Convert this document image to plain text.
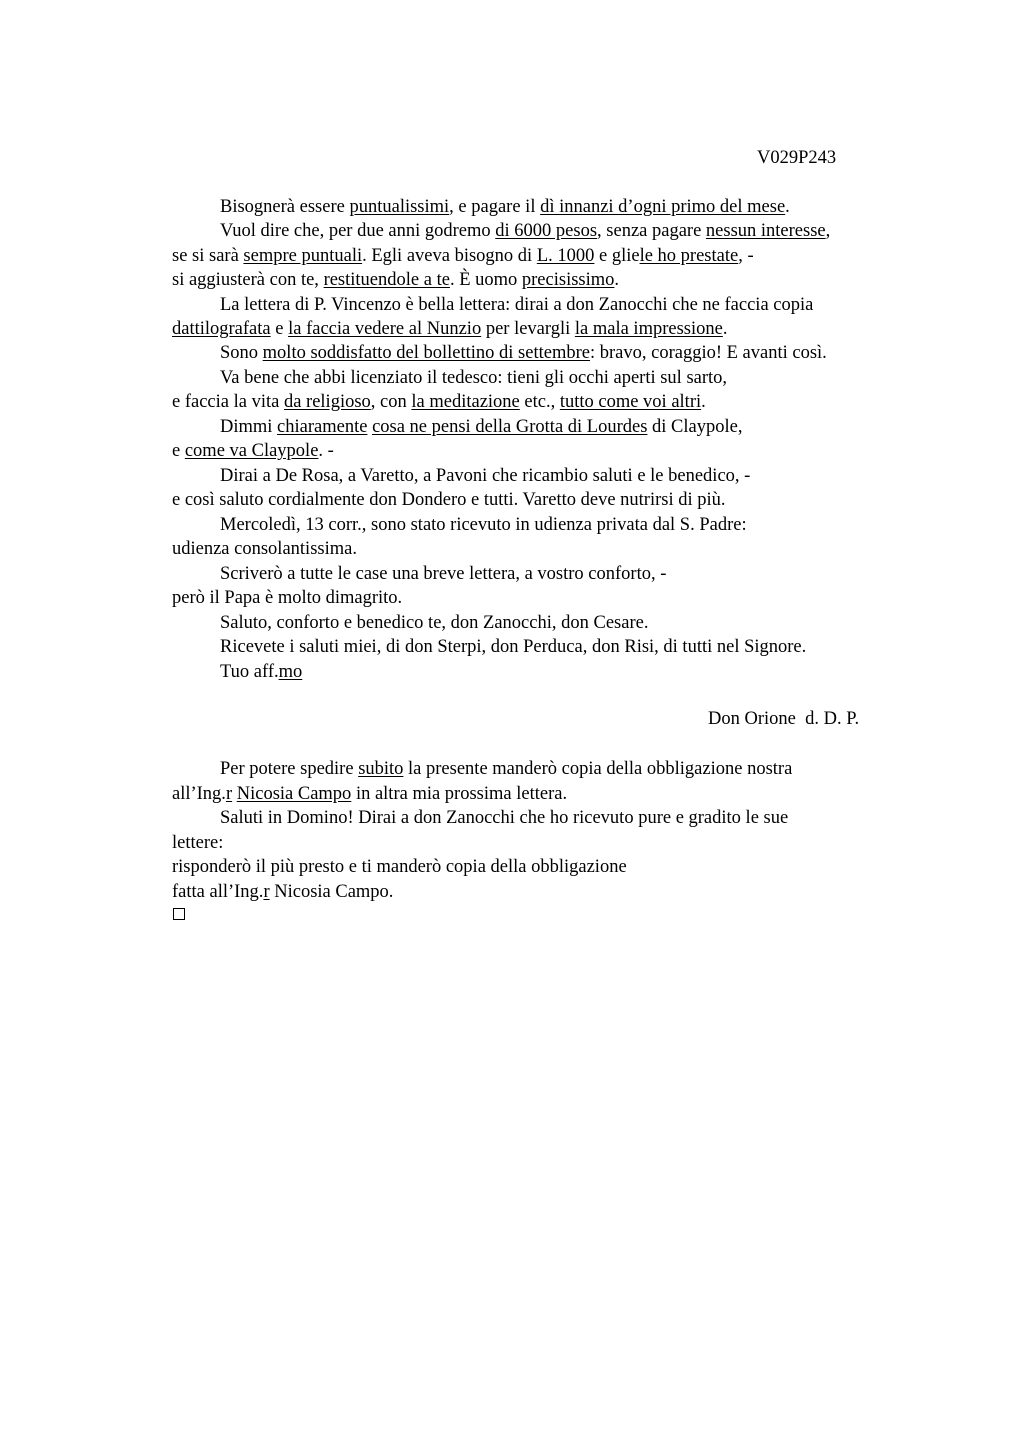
V029P243
Bisognerà essere puntualissimi, e pagare il dì innanzi d’ogni primo del mese.
Vuol dire che, per due anni godremo di 6000 pesos, senza pagare nessun interesse,
se si sarà sempre puntuali. Egli aveva bisogno di L. 1000 e gliele ho prestate, -
si aggiusterà con te, restituendole a te. È uomo precisissimo.
La lettera di P. Vincenzo è bella lettera: dirai a don Zanocchi che ne faccia copia
dattilografata e la faccia vedere al Nunzio per levargli la mala impressione.
Sono molto soddisfatto del bollettino di settembre: bravo, coraggio! E avanti così.
Va bene che abbi licenziato il tedesco: tieni gli occhi aperti sul sarto,
e faccia la vita da religioso, con la meditazione etc., tutto come voi altri.
Dimmi chiaramente cosa ne pensi della Grotta di Lourdes di Claypole,
e come va Claypole. -
Dirai a De Rosa, a Varetto, a Pavoni che ricambio saluti e le benedico, -
e così saluto cordialmente don Dondero e tutti. Varetto deve nutrirsi di più.
Mercoledì, 13 corr., sono stato ricevuto in udienza privata dal S. Padre:
udienza consolantissima.
Scriverò a tutte le case una breve lettera, a vostro conforto, -
però il Papa è molto dimagrito.
Saluto, conforto e benedico te, don Zanocchi, don Cesare.
Ricevete i saluti miei, di don Sterpi, don Perduca, don Risi, di tutti nel Signore.
Tuo aff.mo
Don Orione  d. D. P.
Per potere spedire subito la presente manderò copia della obbligazione nostra
all’Ing.r Nicosia Campo in altra mia prossima lettera.
Saluti in Domino! Dirai a don Zanocchi che ho ricevuto pure e gradito le sue
lettere:
risponderò il più presto e ti manderò copia della obbligazione
fatta all’Ing.r Nicosia Campo.
